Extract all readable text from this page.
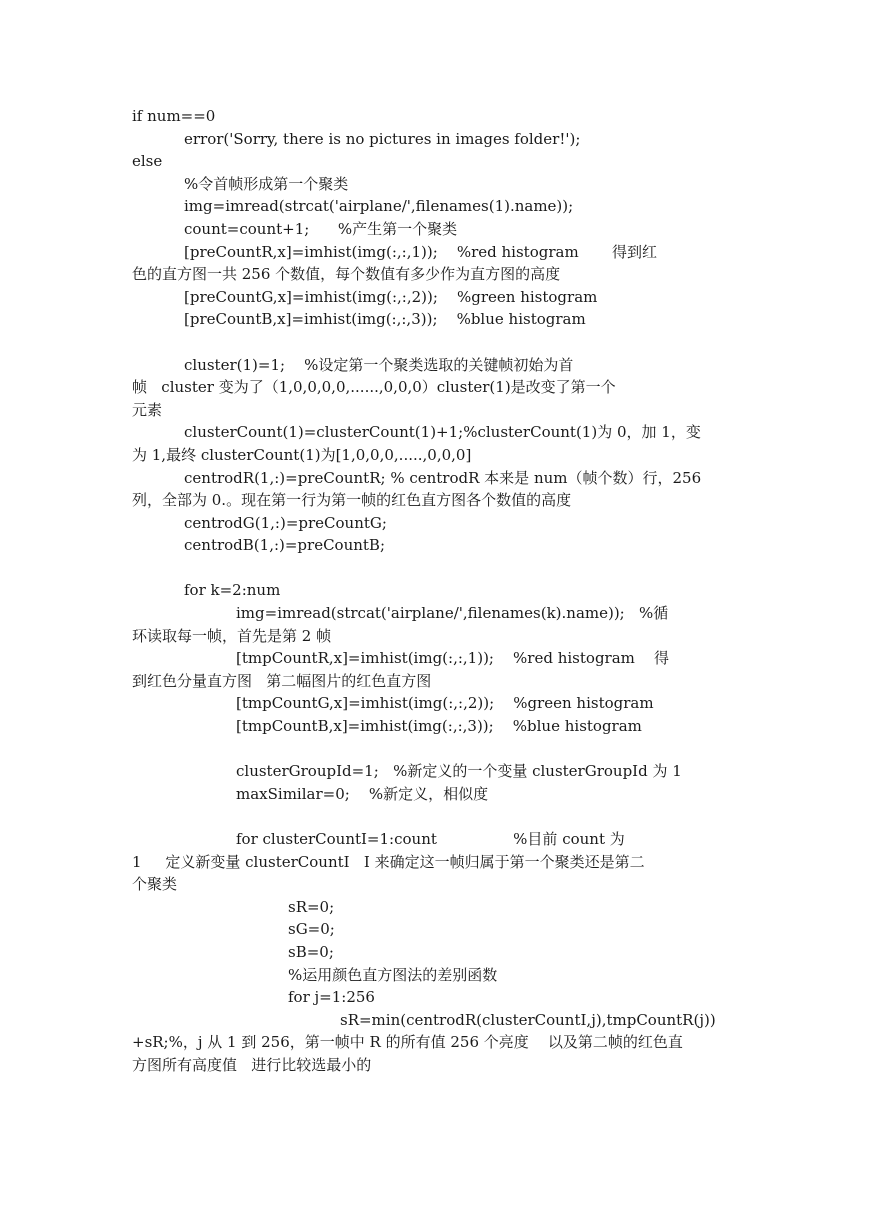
if num==0
error('Sorry, there is no pictures in images folder!');
else
%令首帧形成第一个聚类
img=imread(strcat('airplane/',filenames(1).name));
count=count+1;      %产生第一个聚类
[preCountR,x]=imhist(img(:,:,1));    %red histogram       得到红
色的直方图一共 256 个数值，每个数值有多少作为直方图的高度
[preCountG,x]=imhist(img(:,:,2));    %green histogram
[preCountB,x]=imhist(img(:,:,3));    %blue histogram
cluster(1)=1;    %设定第一个聚类选取的关键帧初始为首
帧   cluster 变为了（1,0,0,0,0,......,0,0,0）cluster(1)是改变了第一个
元素
clusterCount(1)=clusterCount(1)+1;%clusterCount(1)为 0，加 1，变
为 1,最终 clusterCount(1)为[1,0,0,0,.....,0,0,0]
centrodR(1,:)=preCountR; % centrodR 本来是 num（帧个数）行，256
列，全部为 0.。现在第一行为第一帧的红色直方图各个数值的高度
centrodG(1,:)=preCountG;
centrodB(1,:)=preCountB;
for k=2:num
img=imread(strcat('airplane/',filenames(k).name));   %循
环读取每一帧，首先是第 2 帧
[tmpCountR,x]=imhist(img(:,:,1));    %red histogram    得
到红色分量直方图   第二幅图片的红色直方图
[tmpCountG,x]=imhist(img(:,:,2));    %green histogram
[tmpCountB,x]=imhist(img(:,:,3));    %blue histogram
clusterGroupId=1;   %新定义的一个变量 clusterGroupId 为 1
maxSimilar=0;    %新定义，相似度
for clusterCountI=1:count                %目前 count 为
1     定义新变量 clusterCountI   I 来确定这一帧归属于第一个聚类还是第二
个聚类
sR=0;
sG=0;
sB=0;
%运用颜色直方图法的差别函数
for j=1:256
sR=min(centrodR(clusterCountI,j),tmpCountR(j))
+sR;%，j 从 1 到 256，第一帧中 R 的所有值 256 个亮度    以及第二帧的红色直
方图所有高度值   进行比较选最小的
